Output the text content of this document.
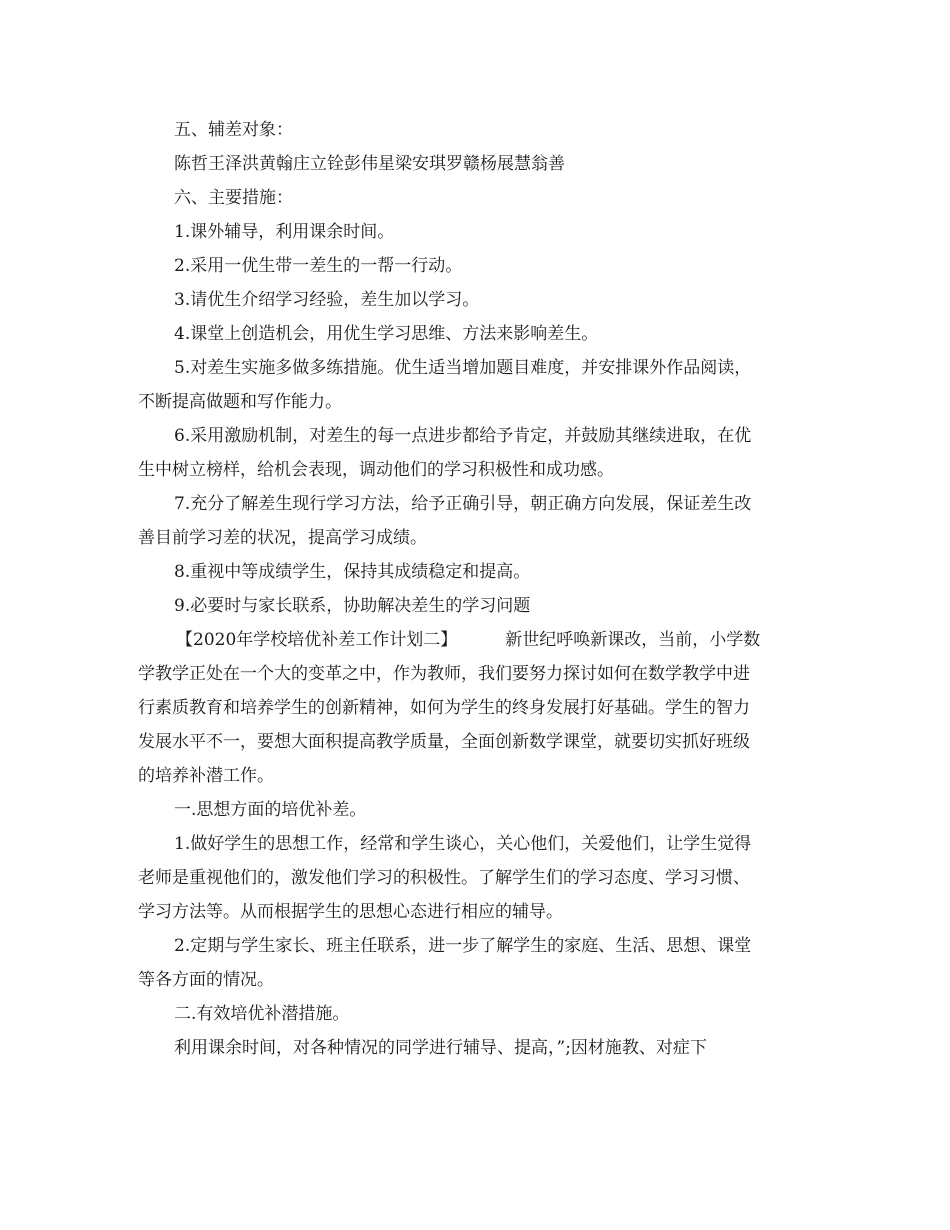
五、辅差对象：
陈哲王泽洪黄翰庄立铨彭伟星梁安琪罗赣杨展慧翁善
六、主要措施：
1.课外辅导，利用课余时间。
2.采用一优生带一差生的一帮一行动。
3.请优生介绍学习经验，差生加以学习。
4.课堂上创造机会，用优生学习思维、方法来影响差生。
5.对差生实施多做多练措施。优生适当增加题目难度，并安排课外作品阅读，
不断提高做题和写作能力。
6.采用激励机制，对差生的每一点进步都给予肯定，并鼓励其继续进取，在优
生中树立榜样，给机会表现，调动他们的学习积极性和成功感。
7.充分了解差生现行学习方法，给予正确引导，朝正确方向发展，保证差生改
善目前学习差的状况，提高学习成绩。
8.重视中等成绩学生，保持其成绩稳定和提高。
9.必要时与家长联系，协助解决差生的学习问题
【2020年学校培优补差工作计划二】	新世纪呼唤新课改，当前，小学数
学教学正处在一个大的变革之中，作为教师，我们要努力探讨如何在数学教学中进
行素质教育和培养学生的创新精神，如何为学生的终身发展打好基础。学生的智力
发展水平不一，要想大面积提高教学质量，全面创新数学课堂，就要切实抓好班级
的培养补潜工作。
一.思想方面的培优补差。
1.做好学生的思想工作，经常和学生谈心，关心他们，关爱他们，让学生觉得
老师是重视他们的，激发他们学习的积极性。了解学生们的学习态度、学习习惯、
学习方法等。从而根据学生的思想心态进行相应的辅导。
2.定期与学生家长、班主任联系，进一步了解学生的家庭、生活、思想、课堂
等各方面的情况。
二.有效培优补潜措施。
利用课余时间，对各种情况的同学进行辅导、提高，”;因材施教、对症下
